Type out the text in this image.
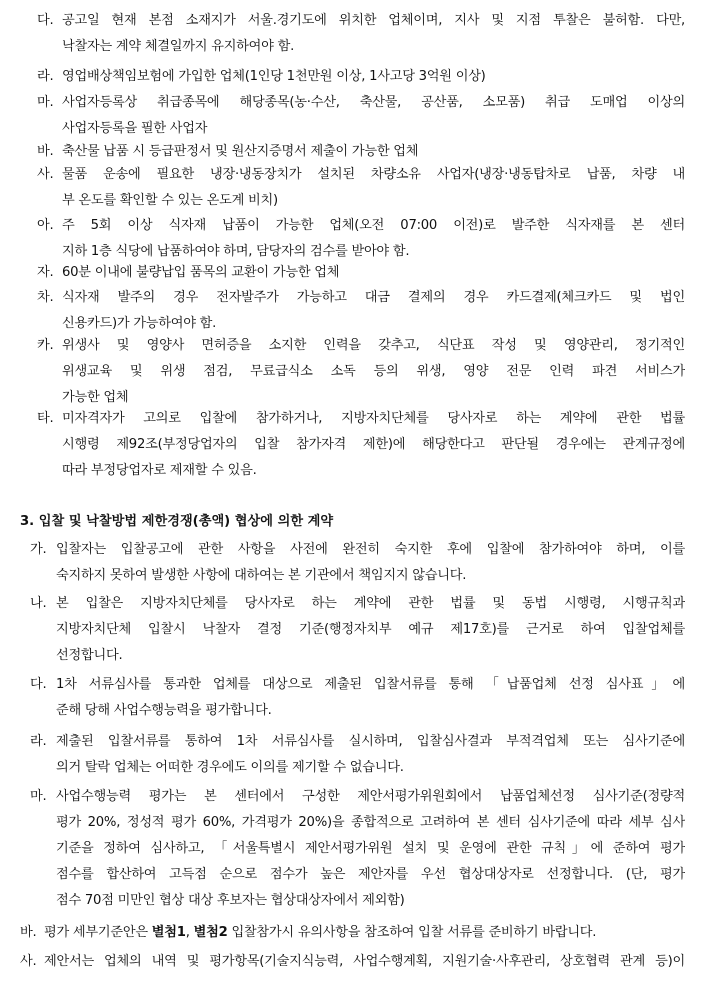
다. 공고일 현재 본점 소재지가 서울.경기도에 위치한 업체이며, 지사 및 지점 투찰은 불허함. 다만,
낙찰자는 계약 체결일까지 유지하여야 함.
라. 영업배상책임보험에 가입한 업체(1인당 1천만원 이상, 1사고당 3억원 이상)
마. 사업자등록상 취급종목에 해당종목(농·수산, 축산물, 공산품, 소모품) 취급 도매업 이상의
사업자등록을 필한 사업자
바. 축산물 납품 시 등급판정서 및 원산지증명서 제출이 가능한 업체
사. 물품 운송에 필요한 냉장·냉동장치가 설치된 차량소유 사업자(냉장·냉동탑차로 납품, 차량 내
부 온도를 확인할 수 있는 온도계 비치)
아. 주 5회 이상 식자재 납품이 가능한 업체(오전 07:00 이전)로 발주한 식자재를 본 센터
지하 1층 식당에 납품하여야 하며, 담당자의 검수를 받아야 함.
자. 60분 이내에 불량납입 품목의 교환이 가능한 업체
차. 식자재 발주의 경우 전자발주가 가능하고 대금 결제의 경우 카드결제(체크카드 및 법인
신용카드)가 가능하여야 함.
카. 위생사 및 영양사 면허증을 소지한 인력을 갖추고, 식단표 작성 및 영양관리, 정기적인
위생교육 및 위생 점검, 무료급식소 소독 등의 위생, 영양 전문 인력 파견 서비스가
가능한 업체
타. 미자격자가 고의로 입찰에 참가하거나, 지방자치단체를 당사자로 하는 계약에 관한 법률
시행령 제92조(부정당업자의 입찰 참가자격 제한)에 해당한다고 판단될 경우에는 관계규정에
따라 부정당업자로 제재할 수 있음.
3. 입찰 및 낙찰방법 제한경쟁(총액) 협상에 의한 계약
가. 입찰자는 입찰공고에 관한 사항을 사전에 완전히 숙지한 후에 입찰에 참가하여야 하며, 이를
숙지하지 못하여 발생한 사항에 대하여는 본 기관에서 책임지지 않습니다.
나. 본 입찰은 지방자치단체를 당사자로 하는 계약에 관한 법률 및 동법 시행령, 시행규칙과
지방자치단체 입찰시 낙찰자 결정 기준(행정자치부 예규 제17호)를 근거로 하여 입찰업체를
선정합니다.
다. 1차 서류심사를 통과한 업체를 대상으로 제출된 입찰서류를 통해 「납품업체 선정 심사표」에
준해 당해 사업수행능력을 평가합니다.
라. 제출된 입찰서류를 통하여 1차 서류심사를 실시하며, 입찰심사결과 부적격업체 또는 심사기준에
의거 탈락 업체는 어떠한 경우에도 이의를 제기할 수 없습니다.
마. 사업수행능력 평가는 본 센터에서 구성한 제안서평가위원회에서 납품업체선정 심사기준(정량적
평가 20%, 정성적 평가 60%, 가격평가 20%)을 종합적으로 고려하여 본 센터 심사기준에 따라 세부 심사
기준을 정하여 심사하고, 「서울특별시 제안서평가위원 설치 및 운영에 관한 규칙」에 준하여 평가
점수를 합산하여 고득점 순으로 점수가 높은 제안자를 우선 협상대상자로 선정합니다. (단, 평가
점수 70점 미만인 협상 대상 후보자는 협상대상자에서 제외함)
바. 평가 세부기준안은 별첨1, 별첨2 입찰참가시 유의사항을 참조하여 입찰 서류를 준비하기 바랍니다.
사. 제안서는 업체의 내역 및 평가항목(기술지식능력, 사업수행계획, 지원기술·사후관리, 상호협력 관계 등)이
